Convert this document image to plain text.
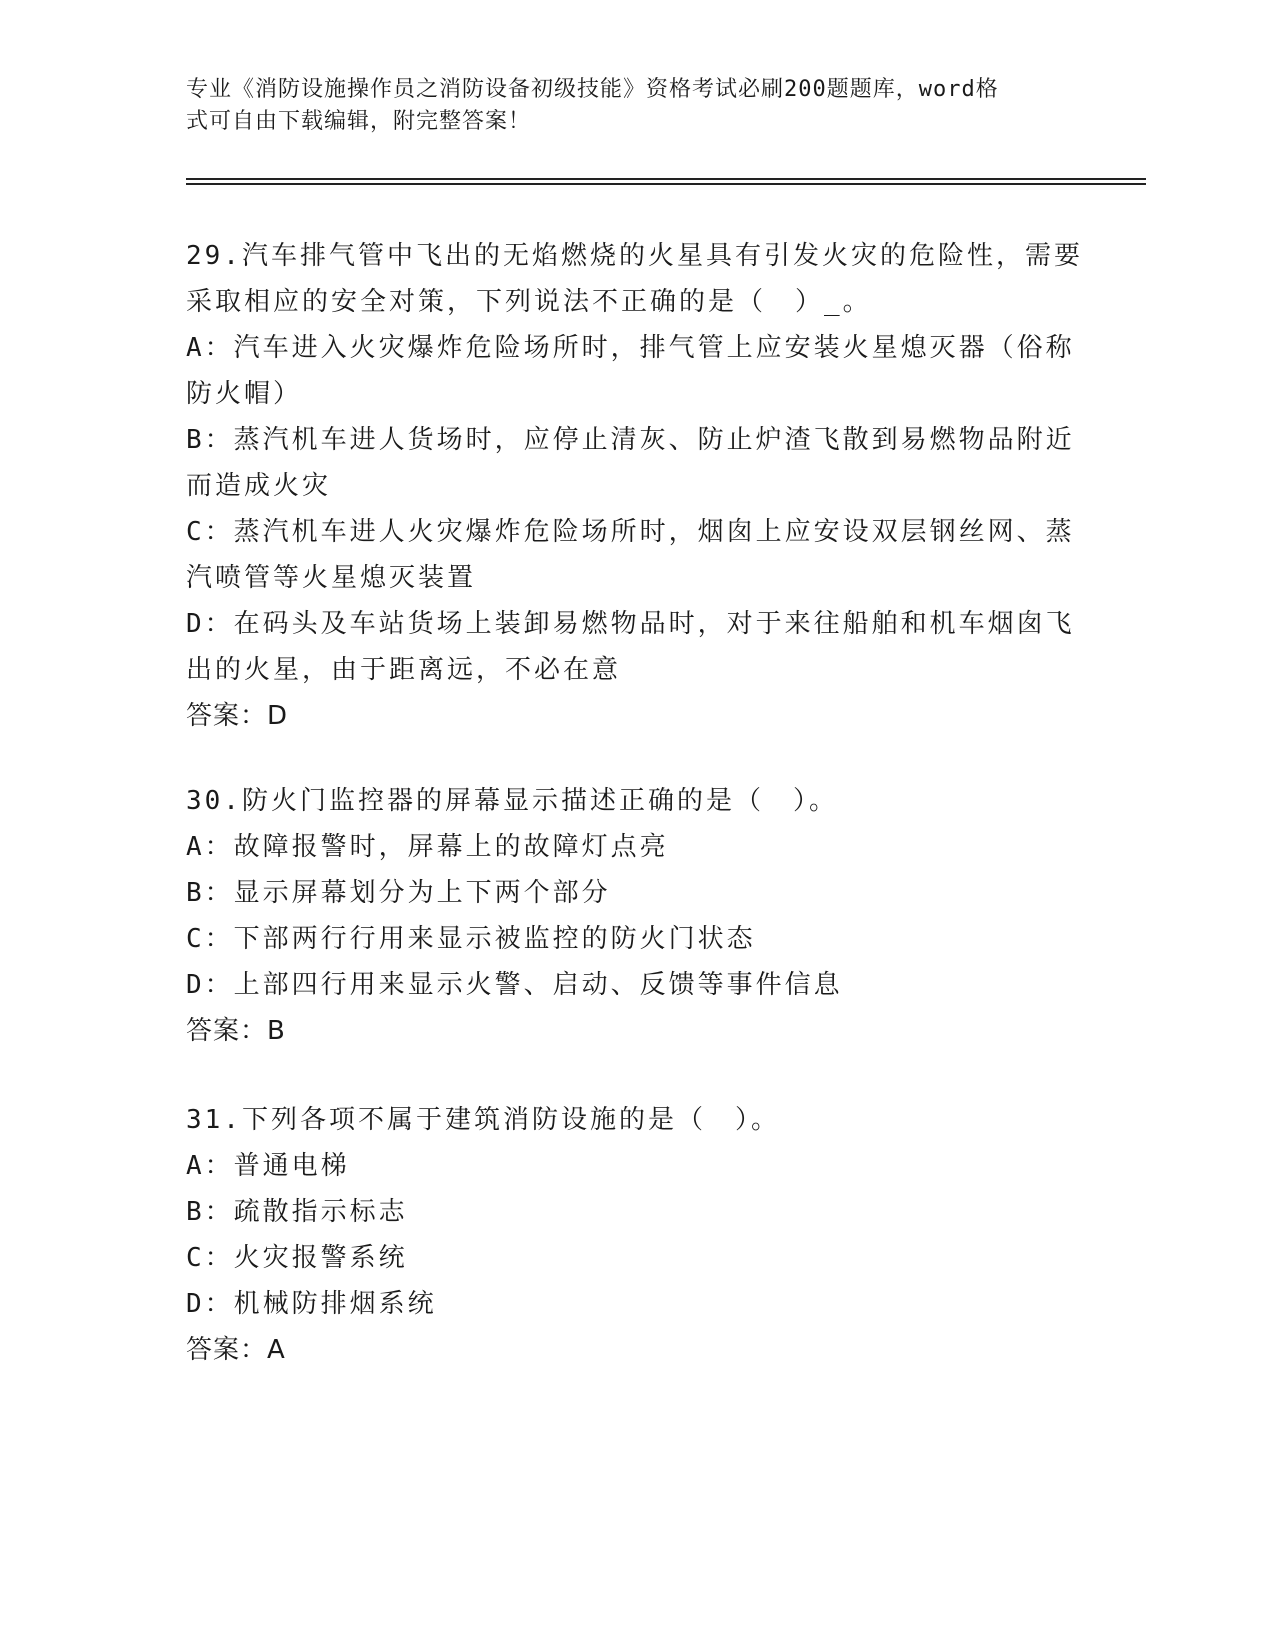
专业《消防设施操作员之消防设备初级技能》资格考试必刷200题题库，word格
式可自由下载编辑，附完整答案！
29.汽车排气管中飞出的无焰燃烧的火星具有引发火灾的危险性，需要
采取相应的安全对策，下列说法不正确的是（　）_。
A：汽车进入火灾爆炸危险场所时，排气管上应安装火星熄灭器（俗称
防火帽）
B：蒸汽机车进人货场时，应停止清灰、防止炉渣飞散到易燃物品附近
而造成火灾
C：蒸汽机车进人火灾爆炸危险场所时，烟囱上应安设双层钢丝网、蒸
汽喷管等火星熄灭装置
D：在码头及车站货场上装卸易燃物品时，对于来往船舶和机车烟囱飞
出的火星，由于距离远，不必在意
答案：D
30.防火门监控器的屏幕显示描述正确的是（　）。
A：故障报警时，屏幕上的故障灯点亮
B：显示屏幕划分为上下两个部分
C：下部两行行用来显示被监控的防火门状态
D：上部四行用来显示火警、启动、反馈等事件信息
答案：B
31.下列各项不属于建筑消防设施的是（　）。
A：普通电梯
B：疏散指示标志
C：火灾报警系统
D：机械防排烟系统
答案：A
